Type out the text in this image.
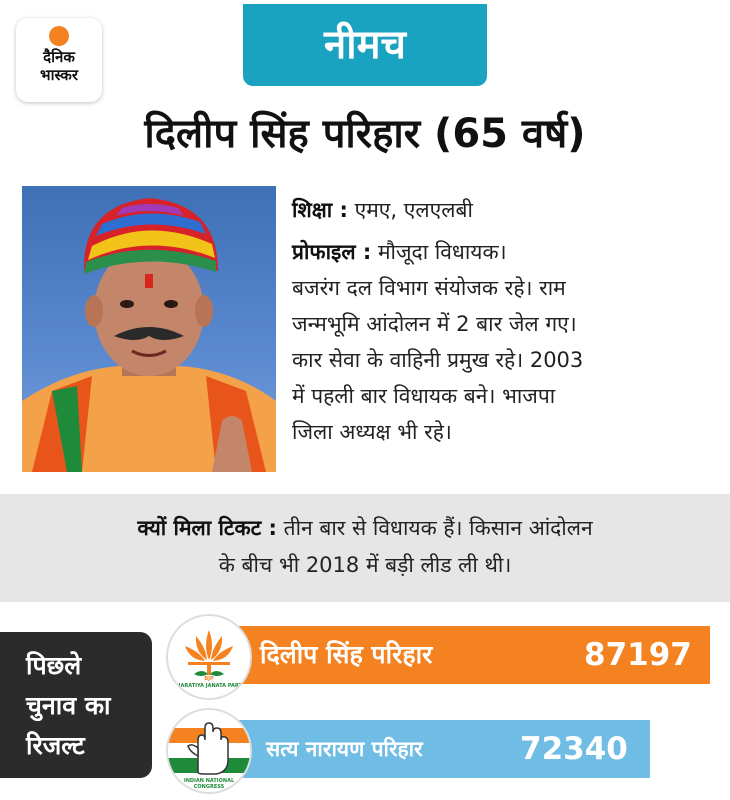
दैनिक
भास्कर
नीमच
दिलीप सिंह परिहार (65 वर्ष)
शिक्षा : एमए, एलएलबी
प्रोफाइल : मौजूदा विधायक।
बजरंग दल विभाग संयोजक रहे। राम
जन्मभूमि आंदोलन में 2 बार जेल गए।
कार सेवा के वाहिनी प्रमुख रहे। 2003
में पहली बार विधायक बने। भाजपा
जिला अध्यक्ष भी रहे।
क्यों मिला टिकट : तीन बार से विधायक हैं। किसान आंदोलन
के बीच भी 2018 में बड़ी लीड ली थी।
पिछले
चुनाव का
रिजल्ट
दिलीप सिंह परिहार	87197
BJP
BHARATIYA JANATA PARTY
सत्य नारायण परिहार	72340
INDIAN NATIONAL CONGRESS
